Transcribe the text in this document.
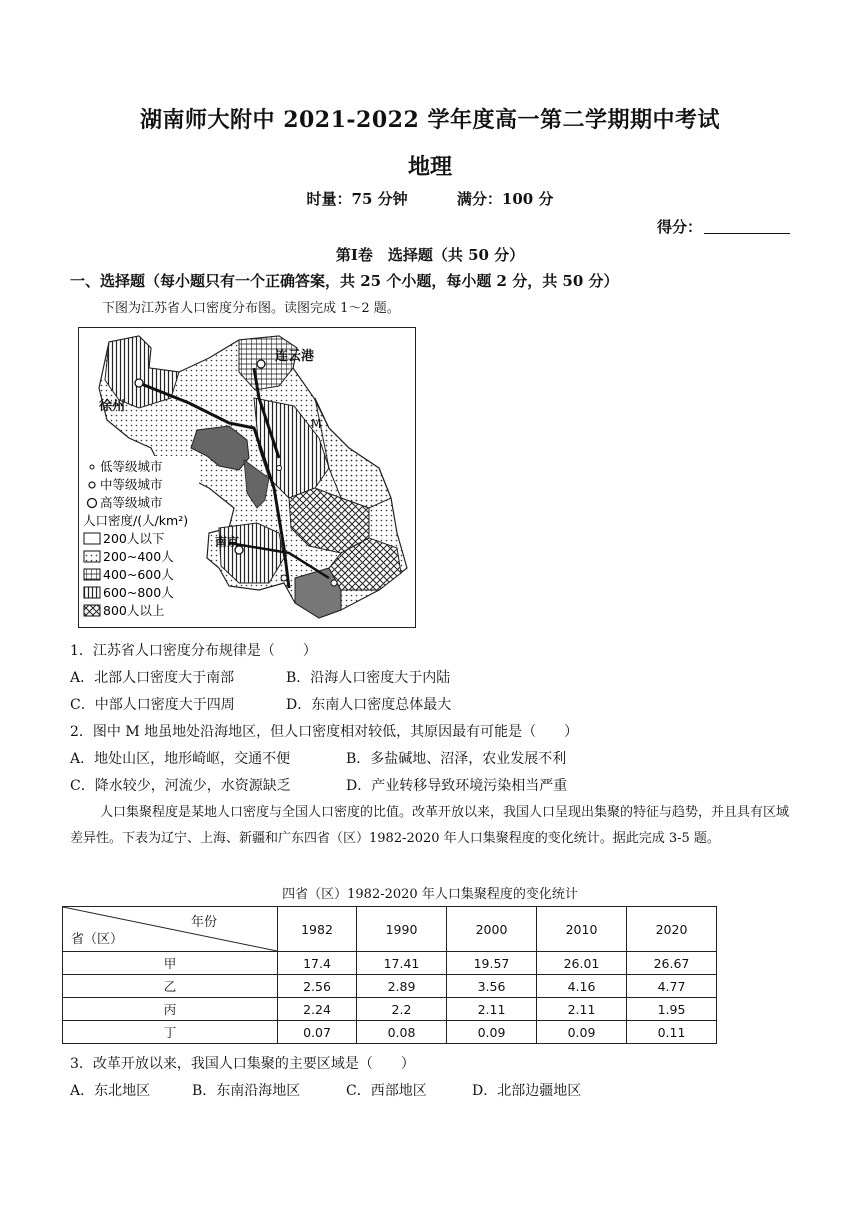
湖南师大附中 2021-2022 学年度高一第二学期期中考试
地理
时量：75 分钟	满分：100 分
得分：
第Ⅰ卷　选择题（共 50 分）
一、选择题（每小题只有一个正确答案，共 25 个小题，每小题 2 分，共 50 分）
下图为江苏省人口密度分布图。读图完成 1～2 题。
连云港
徐州
南京
M
低等级城市
中等级城市
高等级城市
人口密度/(人/km²)
200人以下
200~400人
400~600人
600~800人
800人以上
1．江苏省人口密度分布规律是（　　）
A．北部人口密度大于南部	B．沿海人口密度大于内陆
C．中部人口密度大于四周	D．东南人口密度总体最大
2．图中 M 地虽地处沿海地区，但人口密度相对较低，其原因最有可能是（　　）
A．地处山区，地形崎岖，交通不便	B．多盐碱地、沼泽，农业发展不利
C．降水较少，河流少，水资源缺乏	D．产业转移导致环境污染相当严重
人口集聚程度是某地人口密度与全国人口密度的比值。改革开放以来，我国人口呈现出集聚的特征与趋势，并且具有区域差异性。下表为辽宁、上海、新疆和广东四省（区）1982-2020 年人口集聚程度的变化统计。据此完成 3-5 题。
四省（区）1982-2020 年人口集聚程度的变化统计
年份
省（区）	1982	1990	2000	2010	2020
甲	17.4	17.41	19.57	26.01	26.67
乙	2.56	2.89	3.56	4.16	4.77
丙	2.24	2.2	2.11	2.11	1.95
丁	0.07	0.08	0.09	0.09	0.11
3．改革开放以来，我国人口集聚的主要区域是（　　）
A．东北地区	B．东南沿海地区	C．西部地区	D．北部边疆地区
